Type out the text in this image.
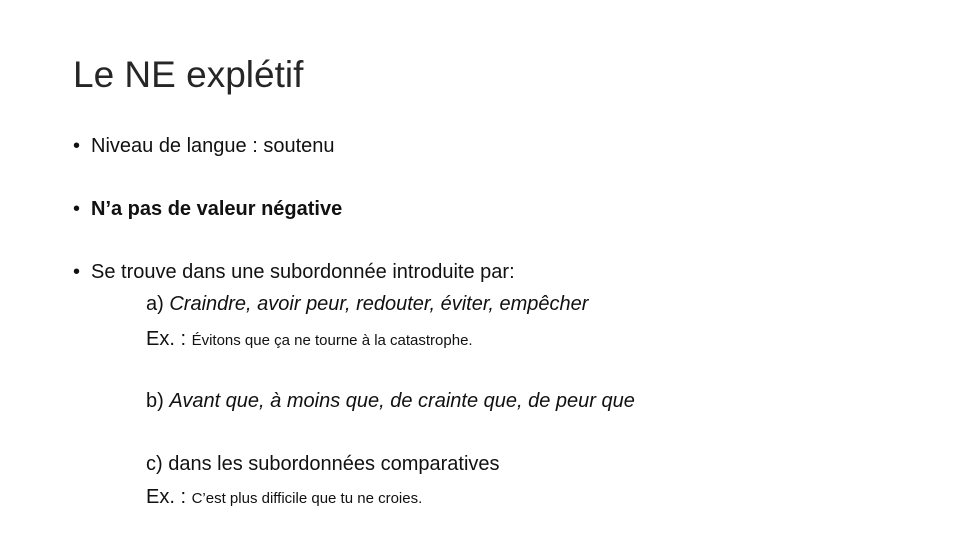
Le NE explétif
• Niveau de langue : soutenu
• N’a pas de valeur négative
• Se trouve dans une subordonnée introduite par:
a) Craindre, avoir peur, redouter, éviter, empêcher
Ex. : Évitons que ça ne tourne à la catastrophe.
b) Avant que, à moins que, de crainte que, de peur que
c) dans les subordonnées comparatives
Ex. : C’est plus difficile que tu ne croies.
